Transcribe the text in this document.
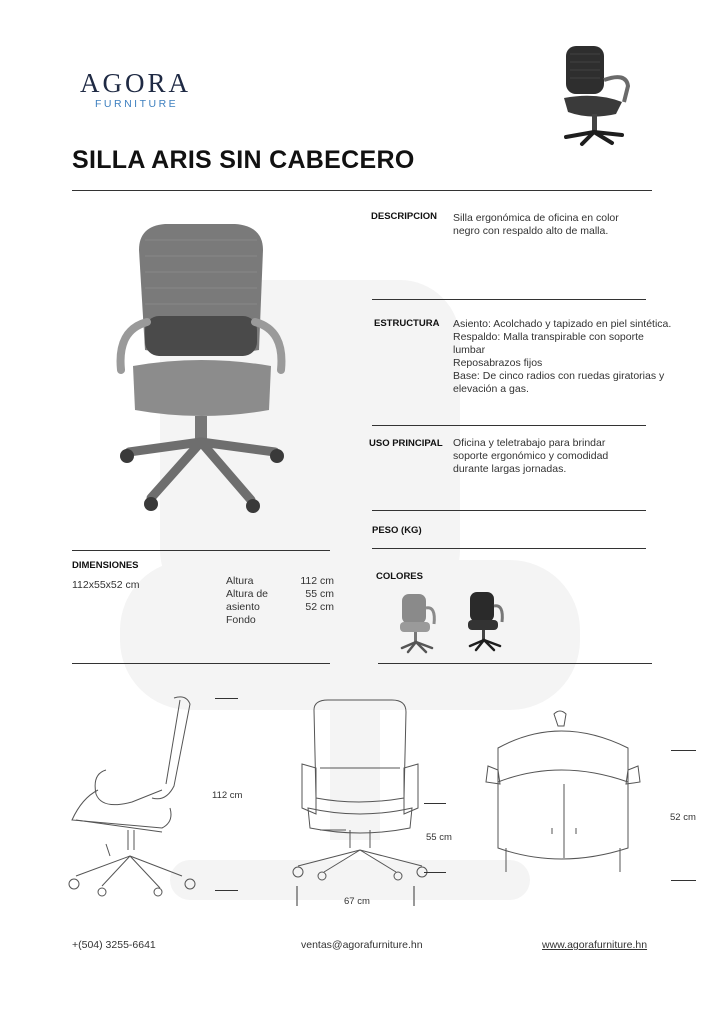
AGORA
FURNITURE
SILLA ARIS SIN CABECERO
DESCRIPCION Silla ergonómica de oficina en color negro con respaldo alto de malla.
ESTRUCTURA Asiento: Acolchado y tapizado en piel sintética.
Respaldo: Malla transpirable con soporte
lumbar
Reposabrazos fijos
Base: De cinco radios con ruedas giratorias y
elevación a gas.
USO PRINCIPAL Oficina y teletrabajo para brindar
soporte ergonómico y comodidad
durante largas jornadas.
PESO (KG)
COLORES
DIMENSIONES
112x55x52 cm	Altura	112 cm
Altura de	55 cm
asiento	52 cm
Fondo
112 cm
55 cm
67 cm
52 cm
+(504) 3255-6641	ventas@agorafurniture.hn	www.agorafurniture.hn
